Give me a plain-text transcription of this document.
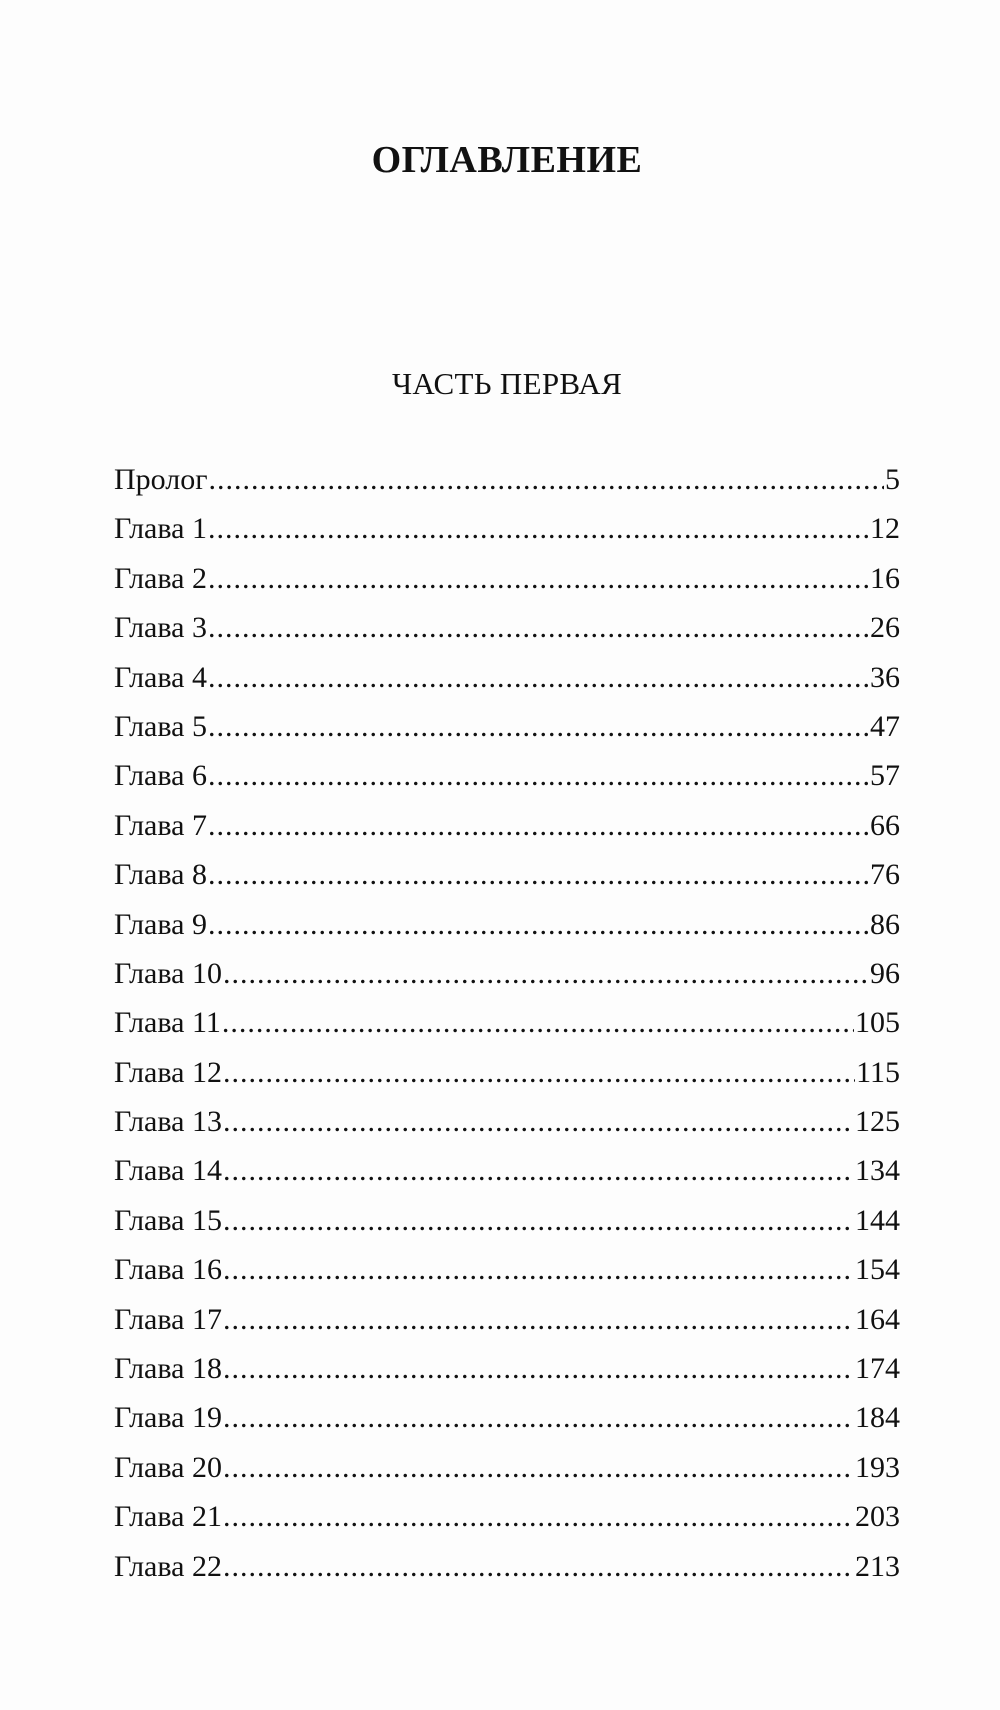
ОГЛАВЛЕНИЕ
ЧАСТЬ ПЕРВАЯ
Пролог .....	5
Глава 1 .....	12
Глава 2 .....	16
Глава 3 .....	26
Глава 4 .....	36
Глава 5 .....	47
Глава 6 .....	57
Глава 7 .....	66
Глава 8 .....	76
Глава 9 .....	86
Глава 10 .....	96
Глава 11 .....	105
Глава 12 .....	115
Глава 13 .....	125
Глава 14 .....	134
Глава 15 .....	144
Глава 16 .....	154
Глава 17 .....	164
Глава 18 .....	174
Глава 19 .....	184
Глава 20 .....	193
Глава 21 .....	203
Глава 22 .....	213
